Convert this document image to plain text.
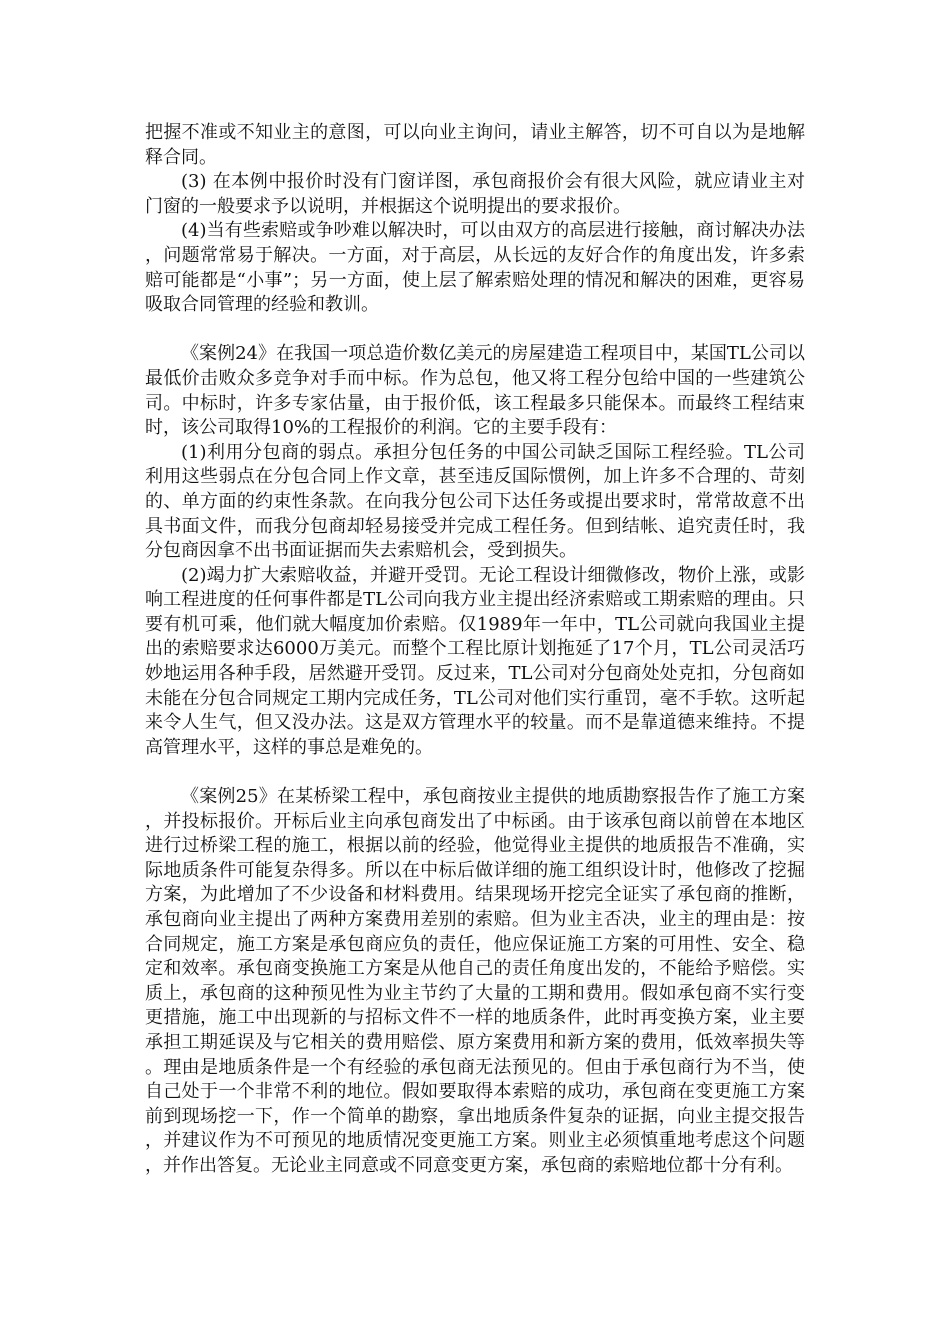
把握不准或不知业主的意图，可以向业主询问，请业主解答，切不可自以为是地解释合同。

(3) 在本例中报价时没有门窗详图，承包商报价会有很大风险，就应请业主对门窗的一般要求予以说明，并根据这个说明提出的要求报价。

(4)当有些索赔或争吵难以解决时，可以由双方的高层进行接触，商讨解决办法，问题常常易于解决。一方面，对于高层，从长远的友好合作的角度出发，许多索赔可能都是“小事”；另一方面，使上层了解索赔处理的情况和解决的困难，更容易吸取合同管理的经验和教训。

《案例24》在我国一项总造价数亿美元的房屋建造工程项目中，某国TL公司以最低价击败众多竞争对手而中标。作为总包，他又将工程分包给中国的一些建筑公司。中标时，许多专家估量，由于报价低，该工程最多只能保本。而最终工程结束时，该公司取得10%的工程报价的利润。它的主要手段有：

(1)利用分包商的弱点。承担分包任务的中国公司缺乏国际工程经验。TL公司利用这些弱点在分包合同上作文章，甚至违反国际惯例，加上许多不合理的、苛刻的、单方面的约束性条款。在向我分包公司下达任务或提出要求时，常常故意不出具书面文件，而我分包商却轻易接受并完成工程任务。但到结帐、追究责任时，我分包商因拿不出书面证据而失去索赔机会，受到损失。

(2)竭力扩大索赔收益，并避开受罚。无论工程设计细微修改，物价上涨，或影响工程进度的任何事件都是TL公司向我方业主提出经济索赔或工期索赔的理由。只要有机可乘，他们就大幅度加价索赔。仅1989年一年中，TL公司就向我国业主提出的索赔要求达6000万美元。而整个工程比原计划拖延了17个月，TL公司灵活巧妙地运用各种手段，居然避开受罚。反过来，TL公司对分包商处处克扣，分包商如未能在分包合同规定工期内完成任务，TL公司对他们实行重罚，毫不手软。这听起来令人生气，但又没办法。这是双方管理水平的较量。而不是靠道德来维持。不提高管理水平，这样的事总是难免的。

《案例25》在某桥梁工程中，承包商按业主提供的地质勘察报告作了施工方案，并投标报价。开标后业主向承包商发出了中标函。由于该承包商以前曾在本地区进行过桥梁工程的施工，根据以前的经验，他觉得业主提供的地质报告不准确，实际地质条件可能复杂得多。所以在中标后做详细的施工组织设计时，他修改了挖掘方案，为此增加了不少设备和材料费用。结果现场开挖完全证实了承包商的推断，承包商向业主提出了两种方案费用差别的索赔。但为业主否决，业主的理由是：按合同规定，施工方案是承包商应负的责任，他应保证施工方案的可用性、安全、稳定和效率。承包商变换施工方案是从他自己的责任角度出发的，不能给予赔偿。实质上，承包商的这种预见性为业主节约了大量的工期和费用。假如承包商不实行变更措施，施工中出现新的与招标文件不一样的地质条件，此时再变换方案，业主要承担工期延误及与它相关的费用赔偿、原方案费用和新方案的费用，低效率损失等。理由是地质条件是一个有经验的承包商无法预见的。但由于承包商行为不当，使自己处于一个非常不利的地位。假如要取得本索赔的成功，承包商在变更施工方案前到现场挖一下，作一个简单的勘察，拿出地质条件复杂的证据，向业主提交报告，并建议作为不可预见的地质情况变更施工方案。则业主必须慎重地考虑这个问题，并作出答复。无论业主同意或不同意变更方案，承包商的索赔地位都十分有利。
